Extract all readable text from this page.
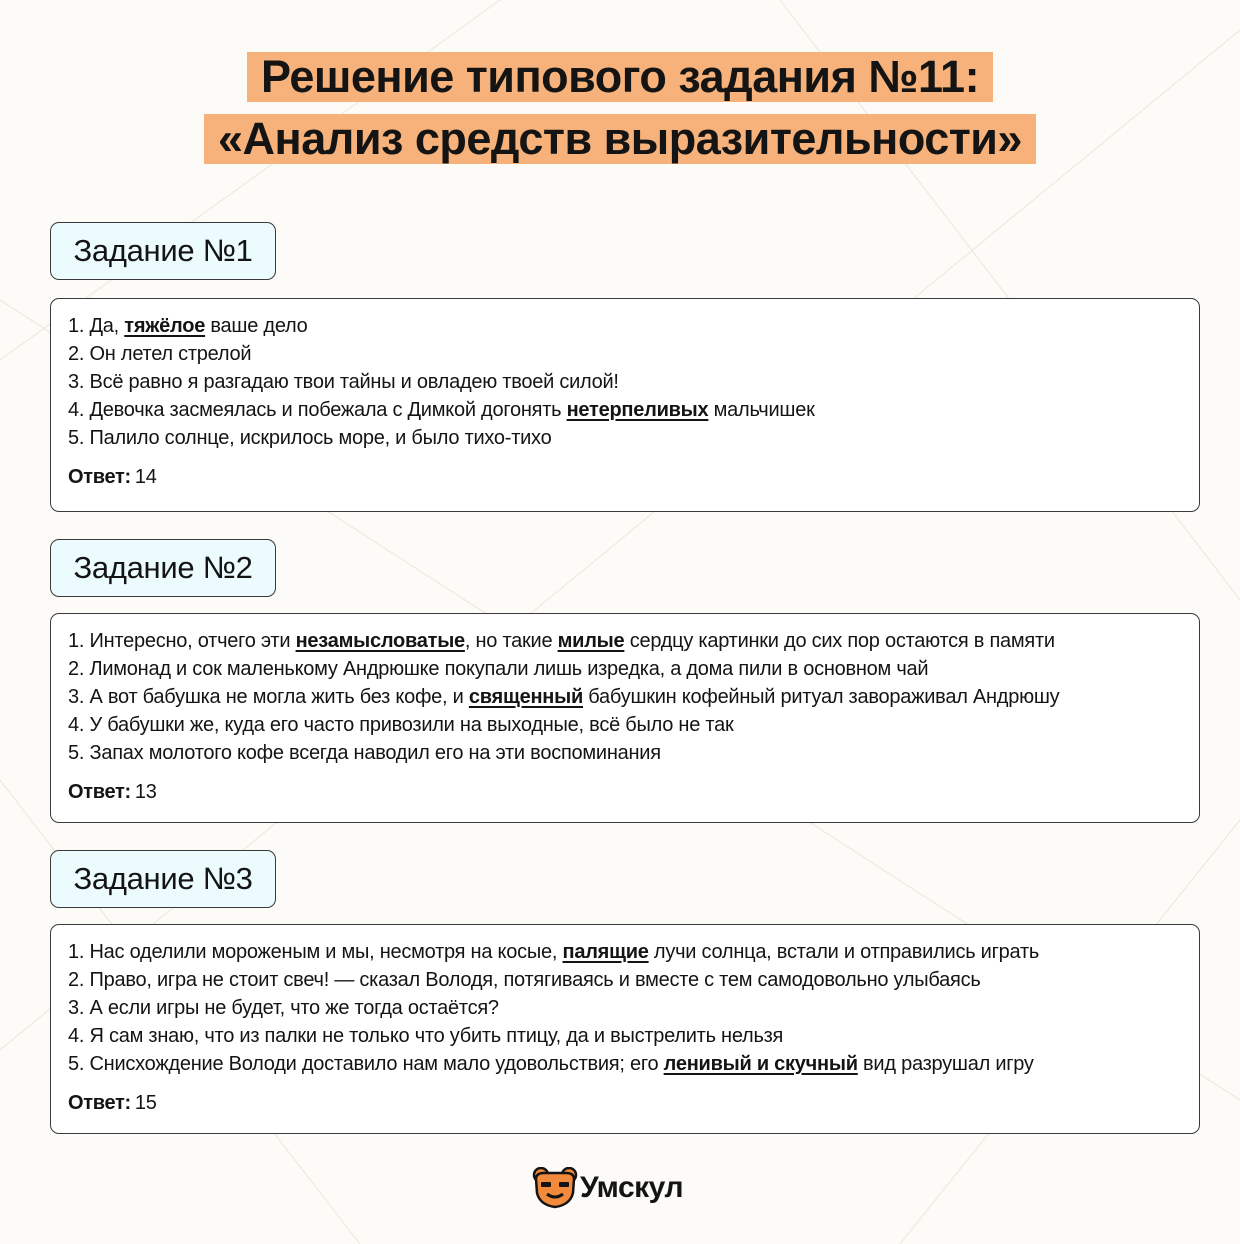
Решение типового задания №11:
«Анализ средств выразительности»
Задание №1
1. Да, тяжёлое ваше дело
2. Он летел стрелой
3. Всё равно я разгадаю твои тайны и овладею твоей силой!
4. Девочка засмеялась и побежала с Димкой догонять нетерпеливых мальчишек
5. Палило солнце, искрилось море, и было тихо-тихо
Ответ: 14
Задание №2
1. Интересно, отчего эти незамысловатые, но такие милые сердцу картинки до сих пор остаются в памяти
2. Лимонад и сок маленькому Андрюшке покупали лишь изредка, а дома пили в основном чай
3. А вот бабушка не могла жить без кофе, и священный бабушкин кофейный ритуал завораживал Андрюшу
4. У бабушки же, куда его часто привозили на выходные, всё было не так
5. Запах молотого кофе всегда наводил его на эти воспоминания
Ответ: 13
Задание №3
1. Нас оделили мороженым и мы, несмотря на косые, палящие лучи солнца, встали и отправились играть
2. Право, игра не стоит свеч! — сказал Володя, потягиваясь и вместе с тем самодовольно улыбаясь
3. А если игры не будет, что же тогда остаётся?
4. Я сам знаю, что из палки не только что убить птицу, да и выстрелить нельзя
5. Снисхождение Володи доставило нам мало удовольствия; его ленивый и скучный вид разрушал игру
Ответ: 15
Умскул
